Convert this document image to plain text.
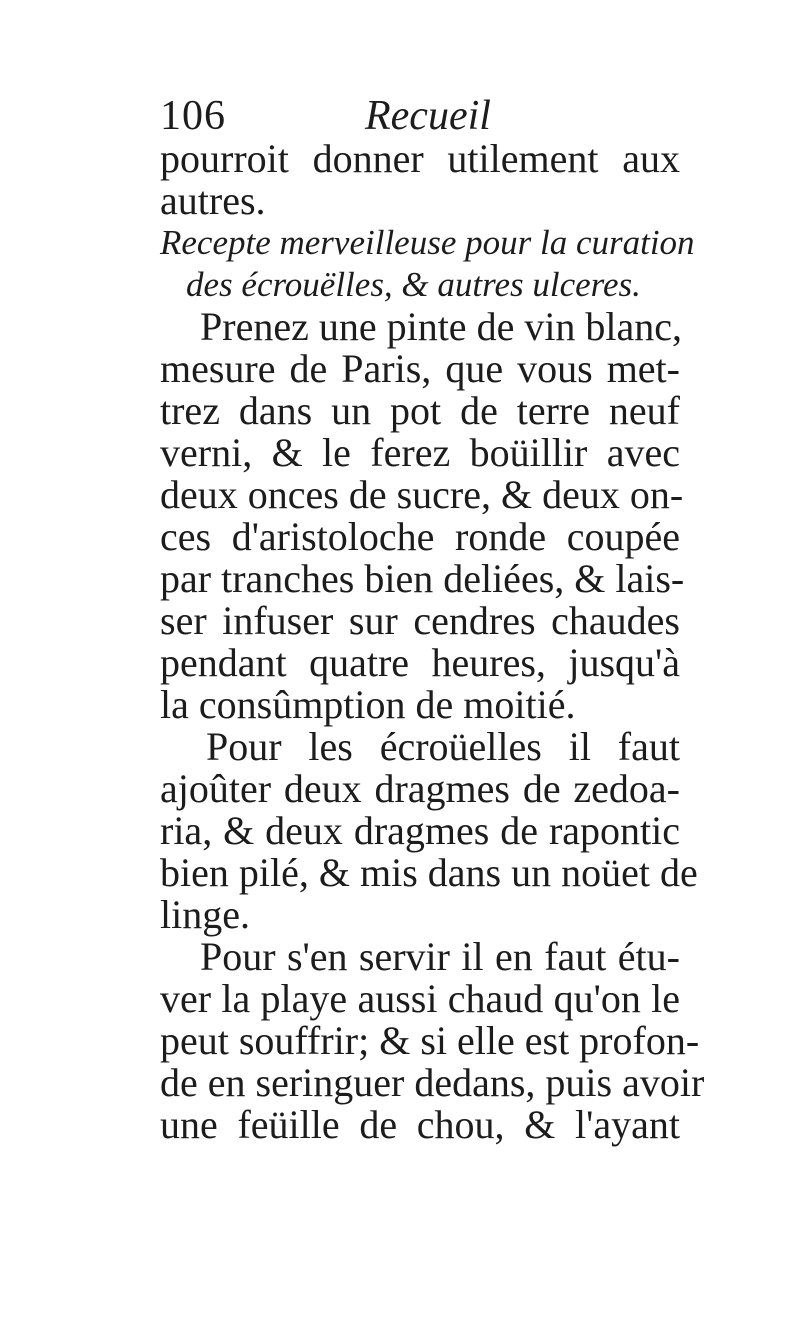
106	Recueil
pourroit donner utilement aux
autres.
Recepte merveilleuse pour la curation
des écrouëlles, & autres ulceres.
Prenez une pinte de vin blanc,
mesure de Paris, que vous met-
trez dans un pot de terre neuf
verni, & le ferez boüillir avec
deux onces de sucre, & deux on-
ces d'aristoloche ronde coupée
par tranches bien deliées, & lais-
ser infuser sur cendres chaudes
pendant quatre heures, jusqu'à
la consûmption de moitié.
Pour les écroüelles il faut
ajoûter deux dragmes de zedoa-
ria, & deux dragmes de rapontic
bien pilé, & mis dans un noüet de
linge.
Pour s'en servir il en faut étu-
ver la playe aussi chaud qu'on le
peut souffrir; & si elle est profon-
de en seringuer dedans, puis avoir
une feüille de chou, & l'ayant
